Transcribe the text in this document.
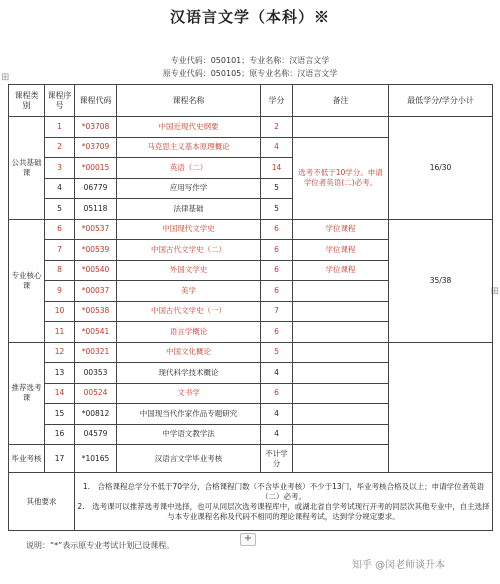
汉语言文学（本科）※
专业代码：050101；专业名称：汉语言文学
原专业代码：050105；原专业名称：汉语言文学
⊞
⊞
课程类别	课程序号	课程代码	课程名称	学分	备注	最低学分/学分小计
公共基础课	1	*03708	中国近现代史纲要	2		16/30
	2	*03709	马克思主义基本原理概论	4	选考不低于10学分。申请学位者英语(二)必考。	
	3	*00015	英语（二）	14		
	4	06779	应用写作学	5		
	5	05118	法律基础	5		
专业核心课	6	*00537	中国现代文学史	6	学位课程	35/38
	7	*00539	中国古代文学史（二）	6	学位课程	
	8	*00540	外国文学史	6	学位课程	
	9	*00037	美学	6		
	10	*00538	中国古代文学史（一）	7		
	11	*00541	语言学概论	6		
推荐选考课	12	*00321	中国文化概论	5		
	13	00353	现代科学技术概论	4		
	14	00524	文书学	6		
	15	*00812	中国现当代作家作品专题研究	4		
	16	04579	中学语文教学法	4		
毕业考核	17	*10165	汉语言文学毕业考核	不计学分		
其他要求		1.　合格课程总学分不低于70学分，合格课程门数（不含毕业考核）不少于13门，毕业考核合格及以上；申请学位者英语（二）必考。
2.　选考课可以推荐选考课中选择，也可从同层次选考课程库中，或湖北省自学考试现行开考的同层次其他专业中，自主选择与本专业课程名称及代码不相同的理论课程考试，达到学分规定要求。				
+
说明：“*”表示原专业考试计划已设课程。
知乎 @闵老师谈升本
